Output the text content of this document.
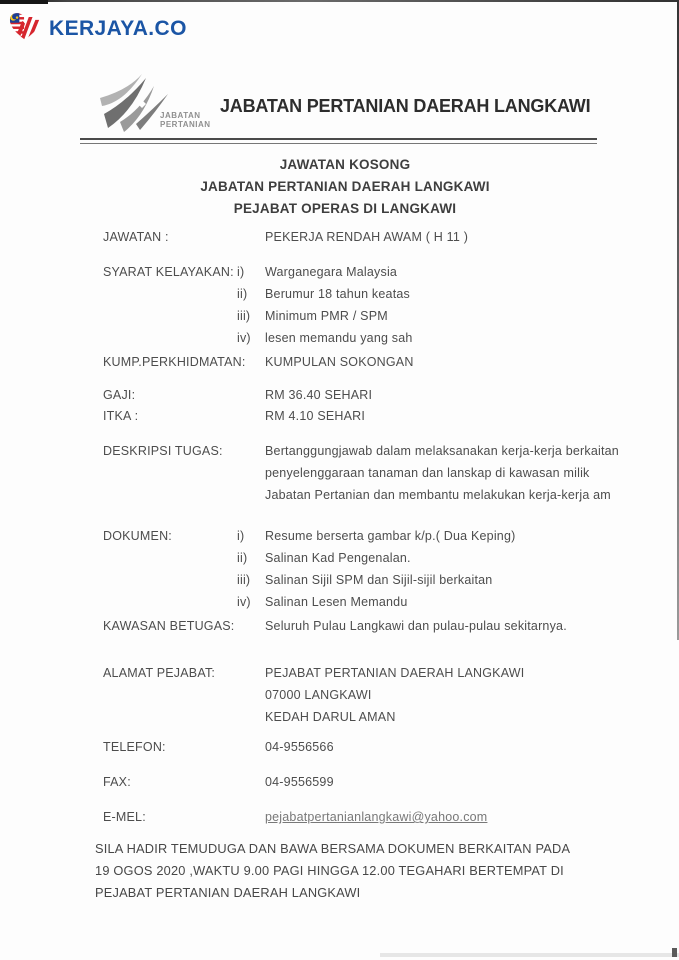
KERJAYA.CO
JABATAN
PERTANIAN
JABATAN PERTANIAN DAERAH LANGKAWI
JAWATAN KOSONG
JABATAN PERTANIAN DAERAH LANGKAWI
PEJABAT OPERAS DI LANGKAWI
JAWATAN :	PEKERJA RENDAH AWAM ( H 11 )
SYARAT KELAYAKAN: i) Warganegara Malaysia
ii) Berumur 18 tahun keatas
iii) Minimum PMR / SPM
iv) lesen memandu yang sah
KUMP.PERKHIDMATAN: KUMPULAN SOKONGAN
GAJI:	RM 36.40 SEHARI
ITKA :	RM 4.10 SEHARI
DESKRIPSI TUGAS:	Bertanggungjawab dalam melaksanakan kerja-kerja berkaitan
penyelenggaraan tanaman dan lanskap di kawasan milik
Jabatan Pertanian dan membantu melakukan kerja-kerja am
DOKUMEN:	i) Resume berserta gambar k/p.( Dua Keping)
ii) Salinan Kad Pengenalan.
iii) Salinan Sijil SPM dan Sijil-sijil berkaitan
iv) Salinan Lesen Memandu
KAWASAN BETUGAS: Seluruh Pulau Langkawi dan pulau-pulau sekitarnya.
ALAMAT PEJABAT:	PEJABAT PERTANIAN DAERAH LANGKAWI
07000 LANGKAWI
KEDAH DARUL AMAN
TELEFON:	04-9556566
FAX:	04-9556599
E-MEL:	pejabatpertanianlangkawi@yahoo.com
SILA HADIR TEMUDUGA DAN BAWA BERSAMA DOKUMEN BERKAITAN PADA
19 OGOS 2020 ,WAKTU 9.00 PAGI HINGGA 12.00 TEGAHARI BERTEMPAT DI
PEJABAT PERTANIAN DAERAH LANGKAWI
